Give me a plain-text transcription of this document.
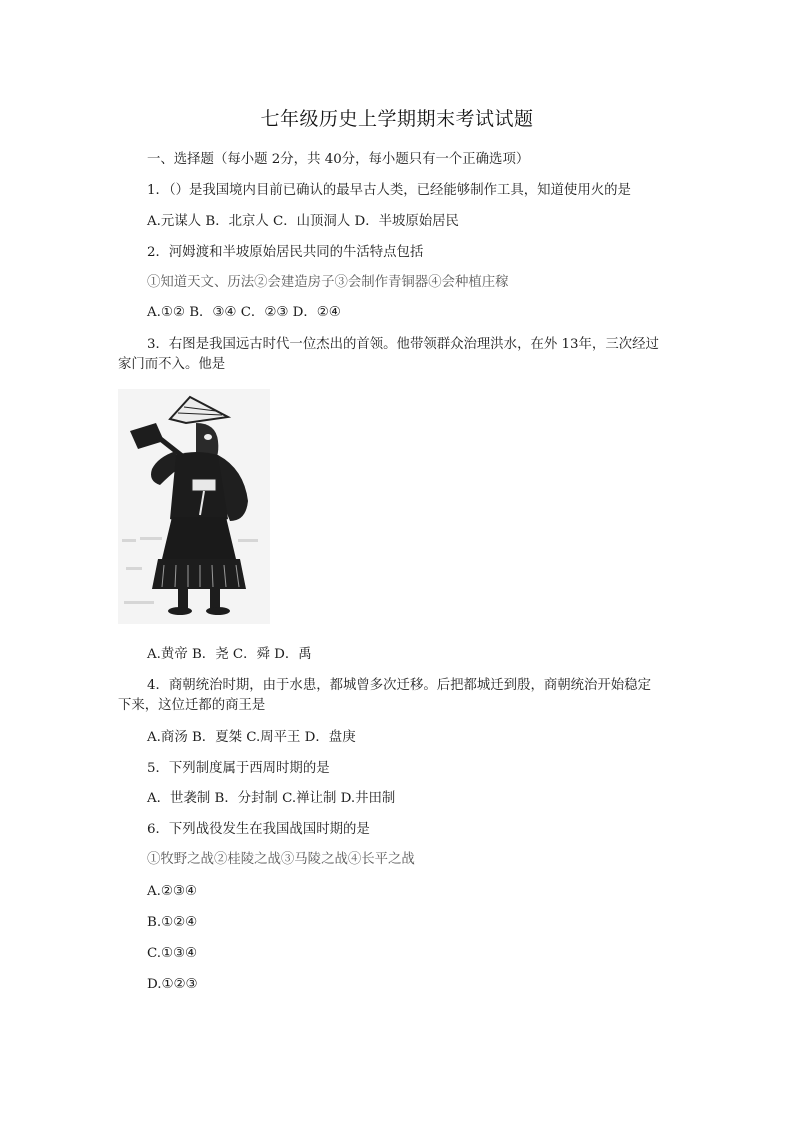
七年级历史上学期期末考试试题
一、选择题（每小题 2分，共 40分，每小题只有一个正确选项）
1．（）是我国境内目前已确认的最早古人类，已经能够制作工具，知道使用火的是
A.元谋人 B．北京人 C．山顶洞人 D．半坡原始居民
2．河姆渡和半坡原始居民共同的牛活特点包括
①知道天文、历法②会建造房子③会制作青铜器④会种植庄稼
A.①② B．③④ C．②③ D．②④
3．右图是我国远古时代一位杰出的首领。他带领群众治理洪水，在外 13年，三次经过
家门而不入。他是
A.黄帝 B．尧 C．舜 D．禹
4．商朝统治时期，由于水患，都城曾多次迁移。后把都城迁到殷，商朝统治开始稳定
下来，这位迁都的商王是
A.商汤 B．夏桀 C.周平王 D．盘庚
5．下列制度属于西周时期的是
A．世袭制 B．分封制 C.禅让制 D.井田制
6．下列战役发生在我国战国时期的是
①牧野之战②桂陵之战③马陵之战④长平之战
A.②③④
B.①②④
C.①③④
D.①②③
